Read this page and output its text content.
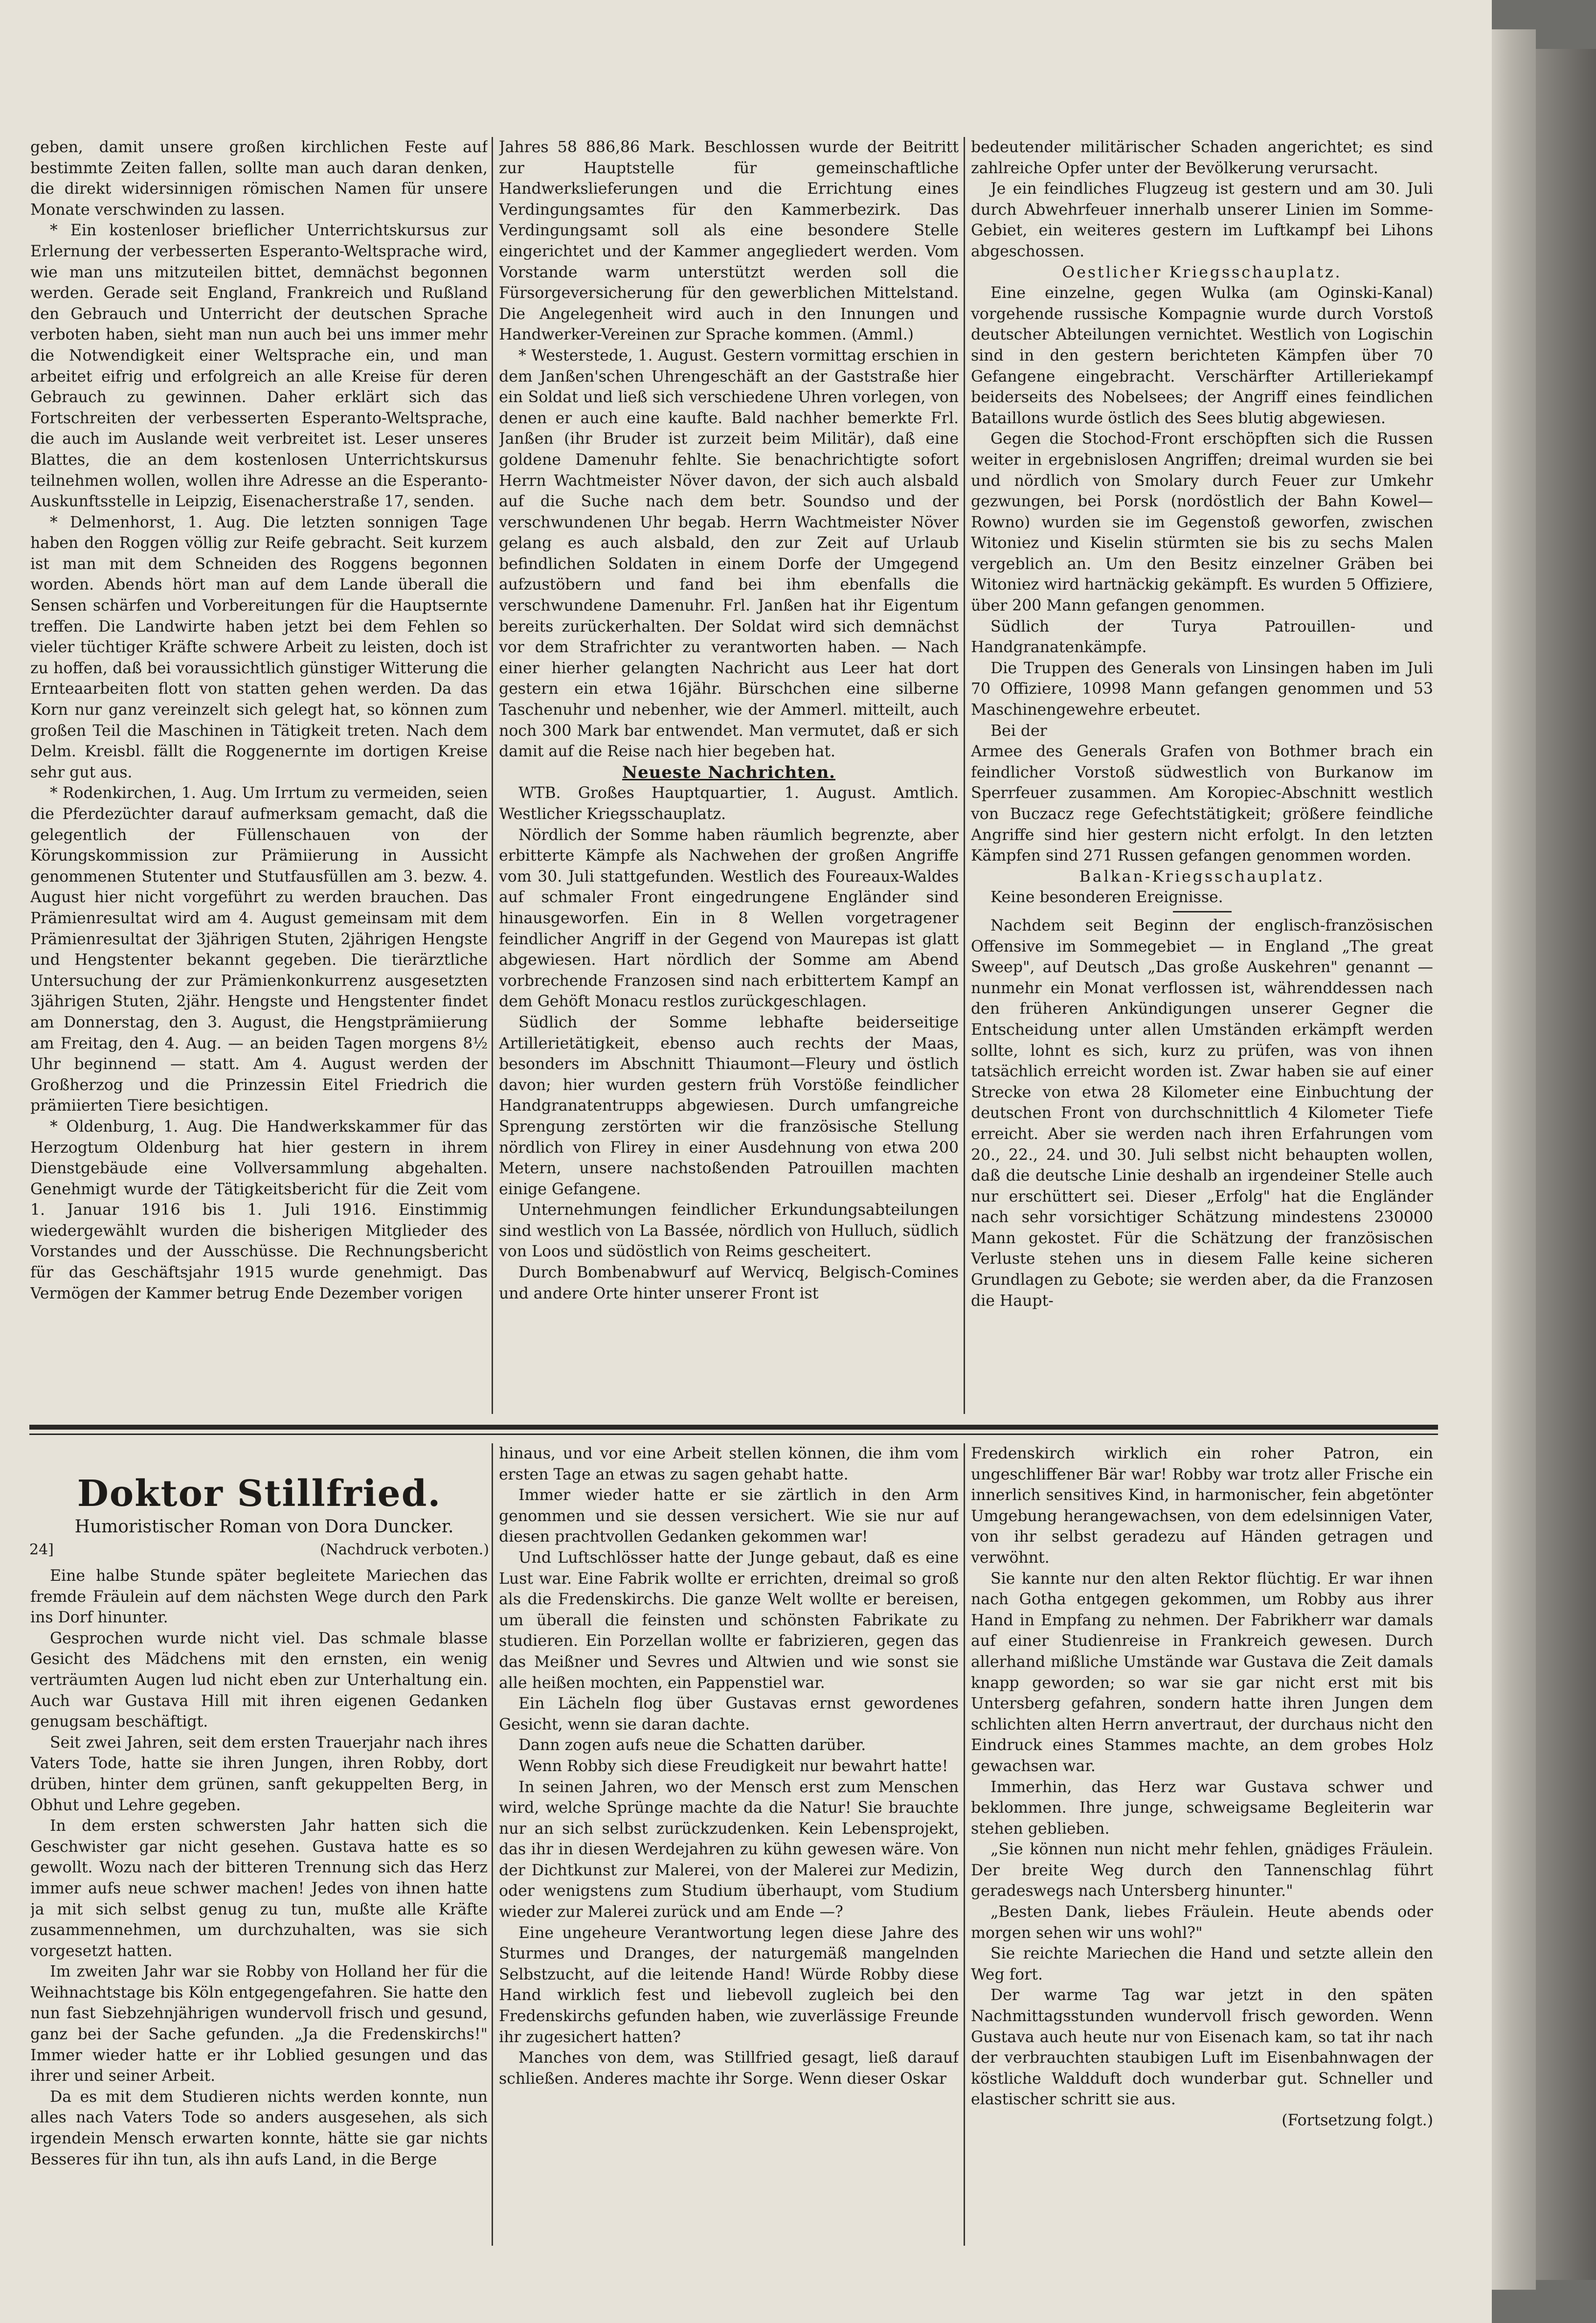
geben, damit unsere großen kirchlichen Feste auf bestimmte Zeiten fallen, sollte man auch daran denken, die direkt widersinnigen römischen Namen für unsere Monate verschwinden zu lassen.

* Ein kostenloser brieflicher Unterrichtskursus zur Erlernung der verbesserten Esperanto-Weltsprache wird, wie man uns mitzuteilen bittet, demnächst begonnen werden. Gerade seit England, Frankreich und Rußland den Gebrauch und Unterricht der deutschen Sprache verboten haben, sieht man nun auch bei uns immer mehr die Notwendigkeit einer Weltsprache ein, und man arbeitet eifrig und erfolgreich an alle Kreise für deren Gebrauch zu gewinnen. Daher erklärt sich das Fortschreiten der verbesserten Esperanto-Weltsprache, die auch im Auslande weit verbreitet ist. Leser unseres Blattes, die an dem kostenlosen Unterrichtskursus teilnehmen wollen, wollen ihre Adresse an die Esperanto-Auskunftsstelle in Leipzig, Eisenacherstraße 17, senden.

* Delmenhorst, 1. Aug. Die letzten sonnigen Tage haben den Roggen völlig zur Reife gebracht. Seit kurzem ist man mit dem Schneiden des Roggens begonnen worden. Abends hört man auf dem Lande überall die Sensen schärfen und Vorbereitungen für die Hauptsernte treffen. Die Landwirte haben jetzt bei dem Fehlen so vieler tüchtiger Kräfte schwere Arbeit zu leisten, doch ist zu hoffen, daß bei voraussichtlich günstiger Witterung die Ernteaarbeiten flott von statten gehen werden. Da das Korn nur ganz vereinzelt sich gelegt hat, so können zum großen Teil die Maschinen in Tätigkeit treten. Nach dem Delm. Kreisbl. fällt die Roggenernte im dortigen Kreise sehr gut aus.

* Rodenkirchen, 1. Aug. Um Irrtum zu vermeiden, seien die Pferdezüchter darauf aufmerksam gemacht, daß die gelegentlich der Füllenschauen von der Körungskommission zur Prämiierung in Aussicht genommenen Stutenter und Stutfausfüllen am 3. bezw. 4. August hier nicht vorgeführt zu werden brauchen. Das Prämienresultat wird am 4. August gemeinsam mit dem Prämienresultat der 3jährigen Stuten, 2jährigen Hengste und Hengstenter bekannt gegeben. Die tierärztliche Untersuchung der zur Prämienkonkurrenz ausgesetzten 3jährigen Stuten, 2jähr. Hengste und Hengstenter findet am Donnerstag, den 3. August, die Hengstprämiierung am Freitag, den 4. Aug. — an beiden Tagen morgens 8½ Uhr beginnend — statt. Am 4. August werden der Großherzog und die Prinzessin Eitel Friedrich die prämiierten Tiere besichtigen.

* Oldenburg, 1. Aug. Die Handwerkskammer für das Herzogtum Oldenburg hat hier gestern in ihrem Dienstgebäude eine Vollversammlung abgehalten. Genehmigt wurde der Tätigkeitsbericht für die Zeit vom 1. Januar 1916 bis 1. Juli 1916. Einstimmig wiedergewählt wurden die bisherigen Mitglieder des Vorstandes und der Ausschüsse. Die Rechnungsbericht für das Geschäftsjahr 1915 wurde genehmigt. Das Vermögen der Kammer betrug Ende Dezember vorigen

Jahres 58 886,86 Mark. Beschlossen wurde der Beitritt zur Hauptstelle für gemeinschaftliche Handwerkslieferungen und die Errichtung eines Verdingungsamtes für den Kammerbezirk. Das Verdingungsamt soll als eine besondere Stelle eingerichtet und der Kammer angegliedert werden. Vom Vorstande warm unterstützt werden soll die Fürsorgeversicherung für den gewerblichen Mittelstand. Die Angelegenheit wird auch in den Innungen und Handwerker-Vereinen zur Sprache kommen. (Amml.)

* Westerstede, 1. August. Gestern vormittag erschien in dem Janßen'schen Uhrengeschäft an der Gaststraße hier ein Soldat und ließ sich verschiedene Uhren vorlegen, von denen er auch eine kaufte. Bald nachher bemerkte Frl. Janßen (ihr Bruder ist zurzeit beim Militär), daß eine goldene Damenuhr fehlte. Sie benachrichtigte sofort Herrn Wachtmeister Növer davon, der sich auch alsbald auf die Suche nach dem betr. Soundso und der verschwundenen Uhr begab. Herrn Wachtmeister Növer gelang es auch alsbald, den zur Zeit auf Urlaub befindlichen Soldaten in einem Dorfe der Umgegend aufzustöbern und fand bei ihm ebenfalls die verschwundene Damenuhr. Frl. Janßen hat ihr Eigentum bereits zurückerhalten. Der Soldat wird sich demnächst vor dem Strafrichter zu verantworten haben. — Nach einer hierher gelangten Nachricht aus Leer hat dort gestern ein etwa 16jähr. Bürschchen eine silberne Taschenuhr und nebenher, wie der Ammerl. mitteilt, auch noch 300 Mark bar entwendet. Man vermutet, daß er sich damit auf die Reise nach hier begeben hat.

Neueste Nachrichten.

WTB. Großes Hauptquartier, 1. August. Amtlich. Westlicher Kriegsschauplatz.

Nördlich der Somme haben räumlich begrenzte, aber erbitterte Kämpfe als Nachwehen der großen Angriffe vom 30. Juli stattgefunden. Westlich des Foureaux-Waldes auf schmaler Front eingedrungene Engländer sind hinausgeworfen. Ein in 8 Wellen vorgetragener feindlicher Angriff in der Gegend von Maurepas ist glatt abgewiesen. Hart nördlich der Somme am Abend vorbrechende Franzosen sind nach erbittertem Kampf an dem Gehöft Monacu restlos zurückgeschlagen.

Südlich der Somme lebhafte beiderseitige Artillerietätigkeit, ebenso auch rechts der Maas, besonders im Abschnitt Thiaumont—Fleury und östlich davon; hier wurden gestern früh Vorstöße feindlicher Handgranatentrupps abgewiesen. Durch umfangreiche Sprengung zerstörten wir die französische Stellung nördlich von Flirey in einer Ausdehnung von etwa 200 Metern, unsere nachstoßenden Patrouillen machten einige Gefangene.

Unternehmungen feindlicher Erkundungsabteilungen sind westlich von La Bassée, nördlich von Hulluch, südlich von Loos und südöstlich von Reims gescheitert.

Durch Bombenabwurf auf Wervicq, Belgisch-Comines und andere Orte hinter unserer Front ist

bedeutender militärischer Schaden angerichtet; es sind zahlreiche Opfer unter der Bevölkerung verursacht.

Je ein feindliches Flugzeug ist gestern und am 30. Juli durch Abwehrfeuer innerhalb unserer Linien im Somme-Gebiet, ein weiteres gestern im Luftkampf bei Lihons abgeschossen.

Oestlicher Kriegsschauplatz.

Eine einzelne, gegen Wulka (am Oginski-Kanal) vorgehende russische Kompagnie wurde durch Vorstoß deutscher Abteilungen vernichtet. Westlich von Logischin sind in den gestern berichteten Kämpfen über 70 Gefangene eingebracht. Verschärfter Artilleriekampf beiderseits des Nobelsees; der Angriff eines feindlichen Bataillons wurde östlich des Sees blutig abgewiesen.

Gegen die Stochod-Front erschöpften sich die Russen weiter in ergebnislosen Angriffen; dreimal wurden sie bei und nördlich von Smolary durch Feuer zur Umkehr gezwungen, bei Porsk (nordöstlich der Bahn Kowel—Rowno) wurden sie im Gegenstoß geworfen, zwischen Witoniez und Kiselin stürmten sie bis zu sechs Malen vergeblich an. Um den Besitz einzelner Gräben bei Witoniez wird hartnäckig gekämpft. Es wurden 5 Offiziere, über 200 Mann gefangen genommen.

Südlich der Turya Patrouillen- und Handgranatenkämpfe.

Die Truppen des Generals von Linsingen haben im Juli 70 Offiziere, 10998 Mann gefangen genommen und 53 Maschinengewehre erbeutet.

Bei der

Armee des Generals Grafen von Bothmer brach ein feindlicher Vorstoß südwestlich von Burkanow im Sperrfeuer zusammen. Am Koropiec-Abschnitt westlich von Buczacz rege Gefechtstätigkeit; größere feindliche Angriffe sind hier gestern nicht erfolgt. In den letzten Kämpfen sind 271 Russen gefangen genommen worden.

Balkan-Kriegsschauplatz.

Keine besonderen Ereignisse.

Nachdem seit Beginn der englisch-französischen Offensive im Sommegebiet — in England „The great Sweep", auf Deutsch „Das große Auskehren" genannt — nunmehr ein Monat verflossen ist, währenddessen nach den früheren Ankündigungen unserer Gegner die Entscheidung unter allen Umständen erkämpft werden sollte, lohnt es sich, kurz zu prüfen, was von ihnen tatsächlich erreicht worden ist. Zwar haben sie auf einer Strecke von etwa 28 Kilometer eine Einbuchtung der deutschen Front von durchschnittlich 4 Kilometer Tiefe erreicht. Aber sie werden nach ihren Erfahrungen vom 20., 22., 24. und 30. Juli selbst nicht behaupten wollen, daß die deutsche Linie deshalb an irgendeiner Stelle auch nur erschüttert sei. Dieser „Erfolg" hat die Engländer nach sehr vorsichtiger Schätzung mindestens 230000 Mann gekostet. Für die Schätzung der französischen Verluste stehen uns in diesem Falle keine sicheren Grundlagen zu Gebote; sie werden aber, da die Franzosen die Haupt-

Doktor Stillfried.
Humoristischer Roman von Dora Duncker.
24]	(Nachdruck verboten.)

Eine halbe Stunde später begleitete Mariechen das fremde Fräulein auf dem nächsten Wege durch den Park ins Dorf hinunter.

Gesprochen wurde nicht viel. Das schmale blasse Gesicht des Mädchens mit den ernsten, ein wenig verträumten Augen lud nicht eben zur Unterhaltung ein. Auch war Gustava Hill mit ihren eigenen Gedanken genugsam beschäftigt.

Seit zwei Jahren, seit dem ersten Trauerjahr nach ihres Vaters Tode, hatte sie ihren Jungen, ihren Robby, dort drüben, hinter dem grünen, sanft gekuppelten Berg, in Obhut und Lehre gegeben.

In dem ersten schwersten Jahr hatten sich die Geschwister gar nicht gesehen. Gustava hatte es so gewollt. Wozu nach der bitteren Trennung sich das Herz immer aufs neue schwer machen! Jedes von ihnen hatte ja mit sich selbst genug zu tun, mußte alle Kräfte zusammennehmen, um durchzuhalten, was sie sich vorgesetzt hatten.

Im zweiten Jahr war sie Robby von Holland her für die Weihnachtstage bis Köln entgegengefahren. Sie hatte den nun fast Siebzehnjährigen wundervoll frisch und gesund, ganz bei der Sache gefunden. „Ja die Fredenskirchs!" Immer wieder hatte er ihr Loblied gesungen und das ihrer und seiner Arbeit.

Da es mit dem Studieren nichts werden konnte, nun alles nach Vaters Tode so anders ausgesehen, als sich irgendein Mensch erwarten konnte, hätte sie gar nichts Besseres für ihn tun, als ihn aufs Land, in die Berge

hinaus, und vor eine Arbeit stellen können, die ihm vom ersten Tage an etwas zu sagen gehabt hatte.

Immer wieder hatte er sie zärtlich in den Arm genommen und sie dessen versichert. Wie sie nur auf diesen prachtvollen Gedanken gekommen war!

Und Luftschlösser hatte der Junge gebaut, daß es eine Lust war. Eine Fabrik wollte er errichten, dreimal so groß als die Fredenskirchs. Die ganze Welt wollte er bereisen, um überall die feinsten und schönsten Fabrikate zu studieren. Ein Porzellan wollte er fabrizieren, gegen das das Meißner und Sevres und Altwien und wie sonst sie alle heißen mochten, ein Pappenstiel war.

Ein Lächeln flog über Gustavas ernst gewordenes Gesicht, wenn sie daran dachte.

Dann zogen aufs neue die Schatten darüber.

Wenn Robby sich diese Freudigkeit nur bewahrt hatte!

In seinen Jahren, wo der Mensch erst zum Menschen wird, welche Sprünge machte da die Natur! Sie brauchte nur an sich selbst zurückzudenken. Kein Lebensprojekt, das ihr in diesen Werdejahren zu kühn gewesen wäre. Von der Dichtkunst zur Malerei, von der Malerei zur Medizin, oder wenigstens zum Studium überhaupt, vom Studium wieder zur Malerei zurück und am Ende —?

Eine ungeheure Verantwortung legen diese Jahre des Sturmes und Dranges, der naturgemäß mangelnden Selbstzucht, auf die leitende Hand! Würde Robby diese Hand wirklich fest und liebevoll zugleich bei den Fredenskirchs gefunden haben, wie zuverlässige Freunde ihr zugesichert hatten?

Manches von dem, was Stillfried gesagt, ließ darauf schließen. Anderes machte ihr Sorge. Wenn dieser Oskar

Fredenskirch wirklich ein roher Patron, ein ungeschliffener Bär war! Robby war trotz aller Frische ein innerlich sensitives Kind, in harmonischer, fein abgetönter Umgebung herangewachsen, von dem edelsinnigen Vater, von ihr selbst geradezu auf Händen getragen und verwöhnt.

Sie kannte nur den alten Rektor flüchtig. Er war ihnen nach Gotha entgegen gekommen, um Robby aus ihrer Hand in Empfang zu nehmen. Der Fabrikherr war damals auf einer Studienreise in Frankreich gewesen. Durch allerhand mißliche Umstände war Gustava die Zeit damals knapp geworden; so war sie gar nicht erst mit bis Untersberg gefahren, sondern hatte ihren Jungen dem schlichten alten Herrn anvertraut, der durchaus nicht den Eindruck eines Stammes machte, an dem grobes Holz gewachsen war.

Immerhin, das Herz war Gustava schwer und beklommen. Ihre junge, schweigsame Begleiterin war stehen geblieben.

„Sie können nun nicht mehr fehlen, gnädiges Fräulein. Der breite Weg durch den Tannenschlag führt geradeswegs nach Untersberg hinunter."

„Besten Dank, liebes Fräulein. Heute abends oder morgen sehen wir uns wohl?"

Sie reichte Mariechen die Hand und setzte allein den Weg fort.

Der warme Tag war jetzt in den späten Nachmittagsstunden wundervoll frisch geworden. Wenn Gustava auch heute nur von Eisenach kam, so tat ihr nach der verbrauchten staubigen Luft im Eisenbahnwagen der köstliche Waldduft doch wunderbar gut. Schneller und elastischer schritt sie aus.

(Fortsetzung folgt.)
